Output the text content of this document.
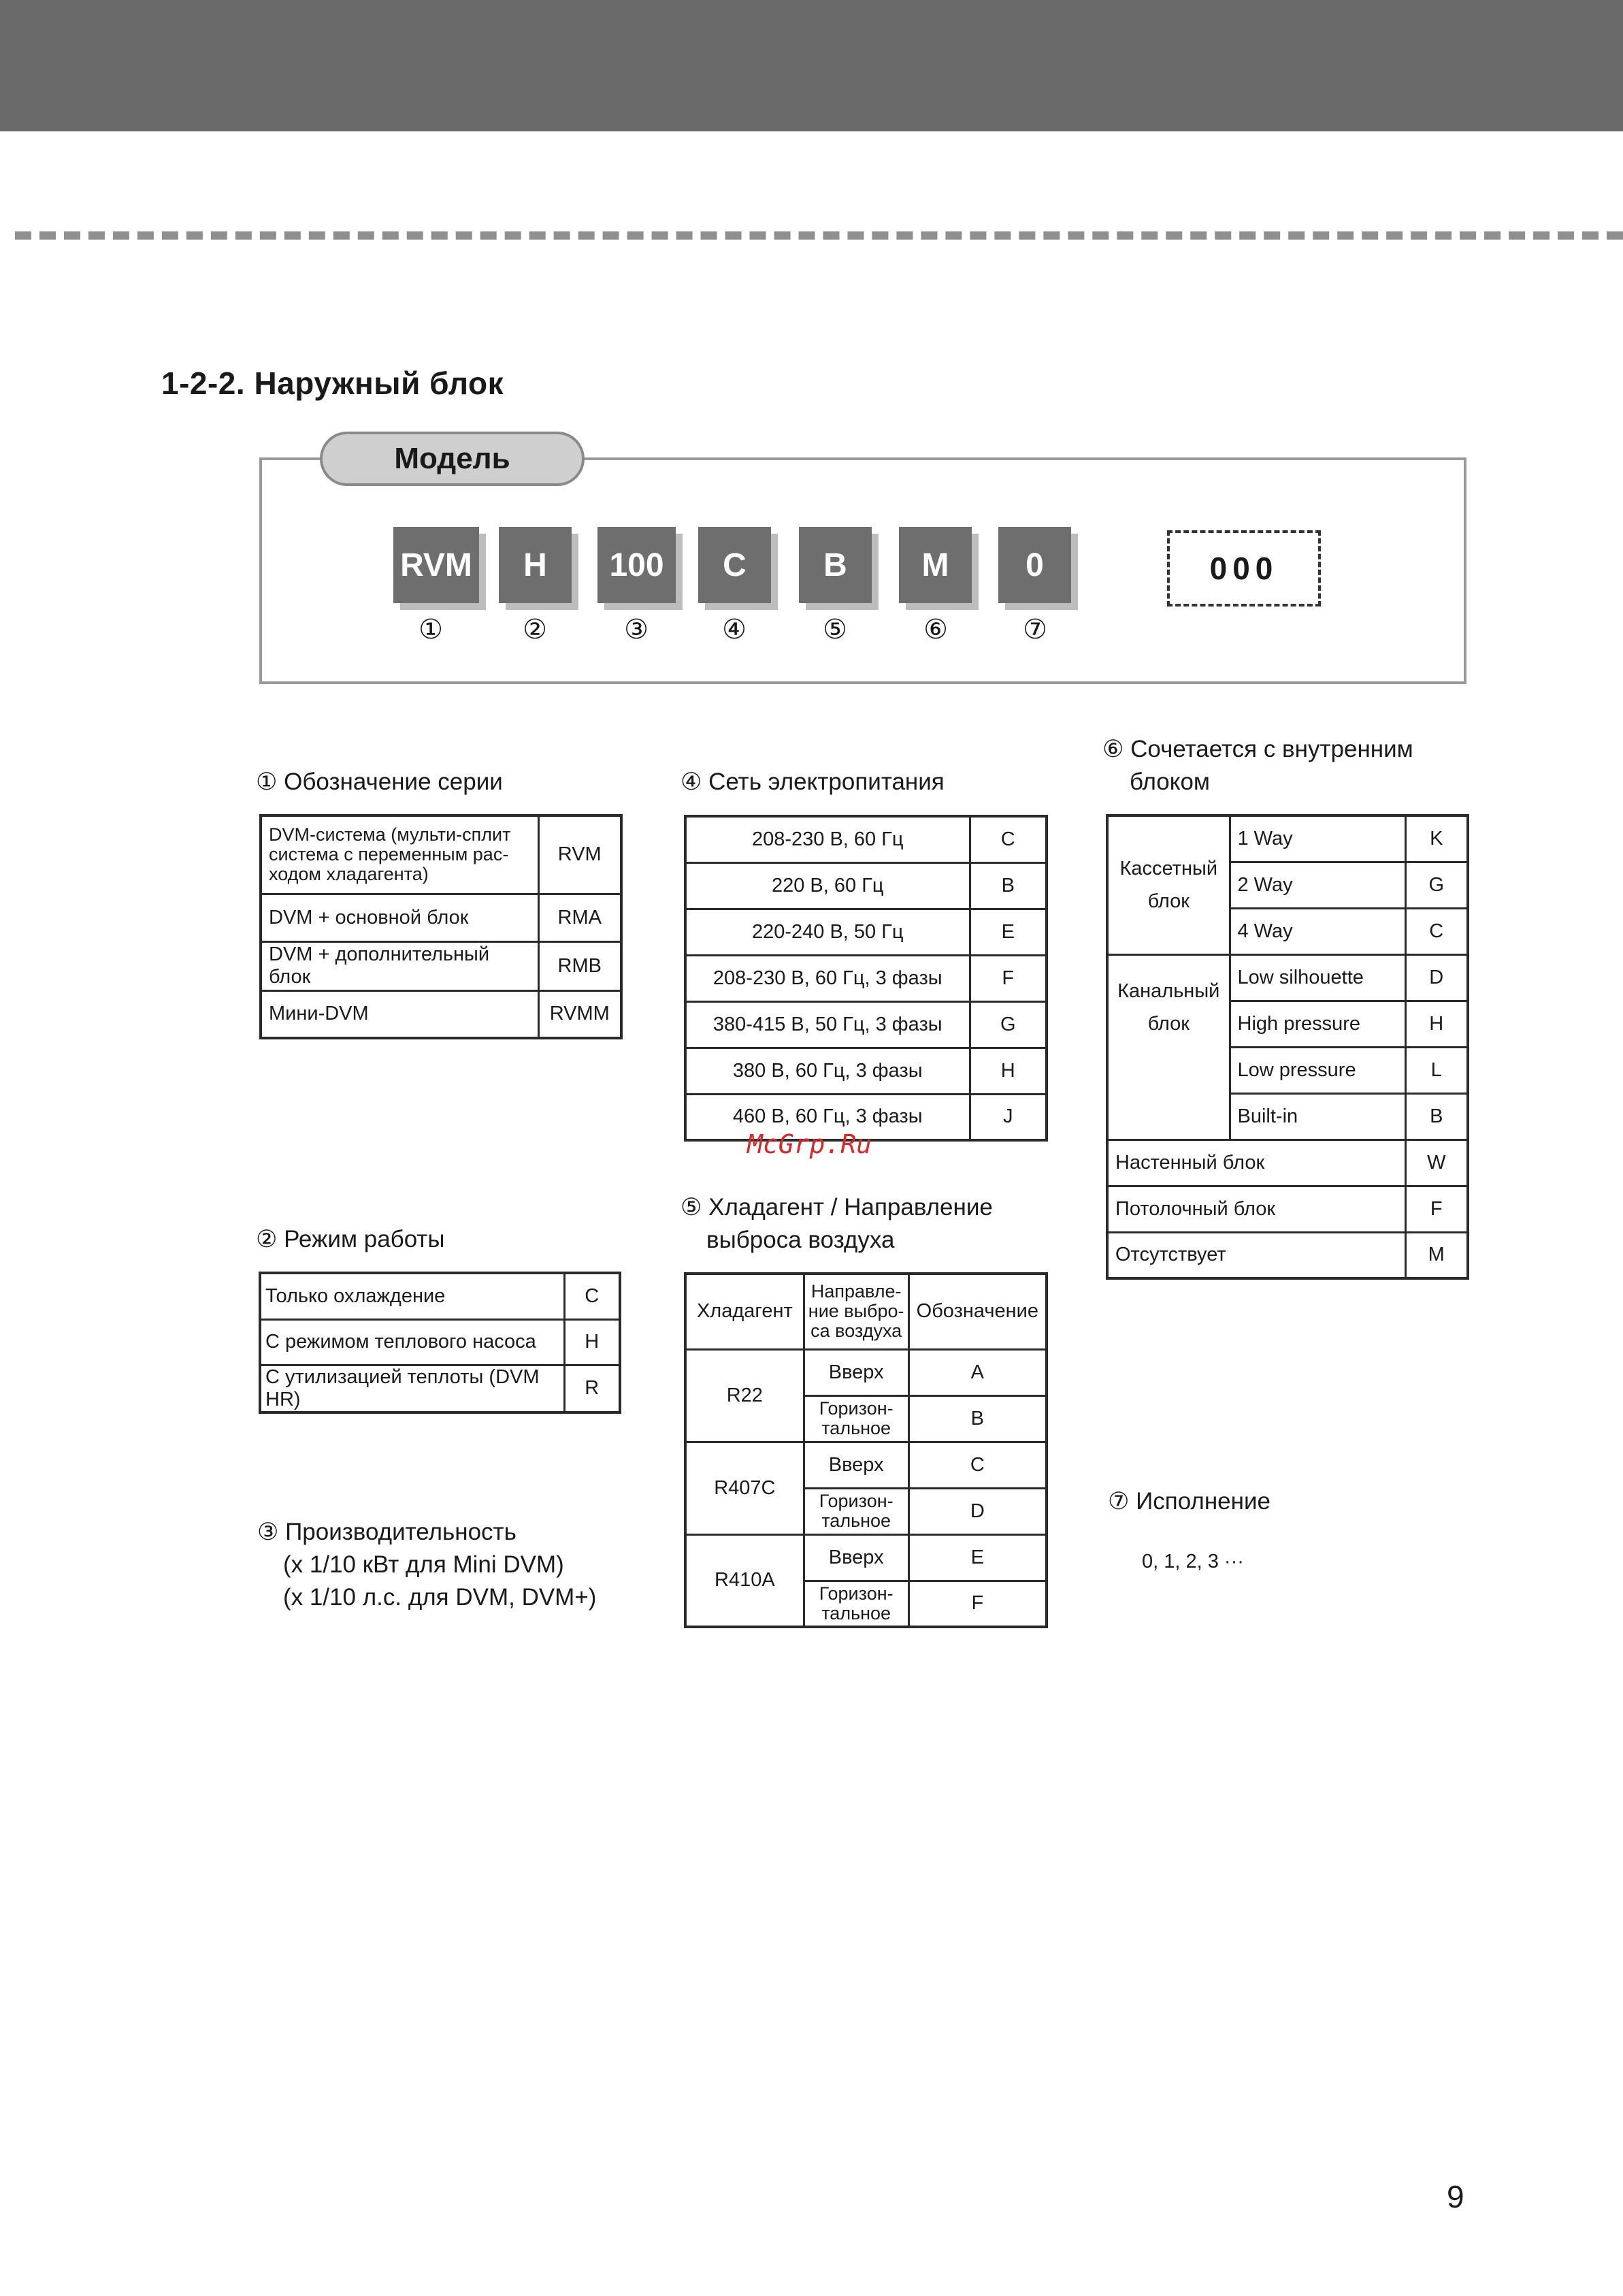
1-2-2. Наружный блок
Модель
RVM	H	100	C	B	M	0
①	②	③	④	⑤	⑥	⑦
000
① Обозначение серии
DVM-система (мульти-сплит система с переменным рас-ходом хладагента)	RVM
DVM + основной блок	RMA
DVM + дополнительный блок	RMB
Мини-DVM	RVMM
② Режим работы
Только охлаждение	C
С режимом теплового насоса	H
С утилизацией теплоты (DVM HR)	R
③ Производительность
(x 1/10 кВт для Mini DVM)
(x 1/10 л.с. для DVM, DVM+)
④ Сеть электропитания
208-230 В, 60 Гц	C
220 В, 60 Гц	B
220-240 В, 50 Гц	E
208-230 В, 60 Гц, 3 фазы	F
380-415 В, 50 Гц, 3 фазы	G
380 В, 60 Гц, 3 фазы	H
460 В, 60 Гц, 3 фазы	J
McGrp.Ru
⑤ Хладагент / Направление
выброса воздуха
Хладагент	Направле-ние выбро-са воздуха	Обозначение
R22	Вверх	A
	Горизон-тальное	B
R407C	Вверх	C
	Горизон-тальное	D
R410A	Вверх	E
	Горизон-тальное	F
⑥ Сочетается с внутренним
блоком
Кассетный блок	1 Way	K
	2 Way	G
	4 Way	C
Канальный блок	Low silhouette	D
	High pressure	H
	Low pressure	L
	Built-in	B
Настенный блок		W
Потолочный блок		F
Отсутствует		M
⑦ Исполнение
0, 1, 2, 3 ···
9
